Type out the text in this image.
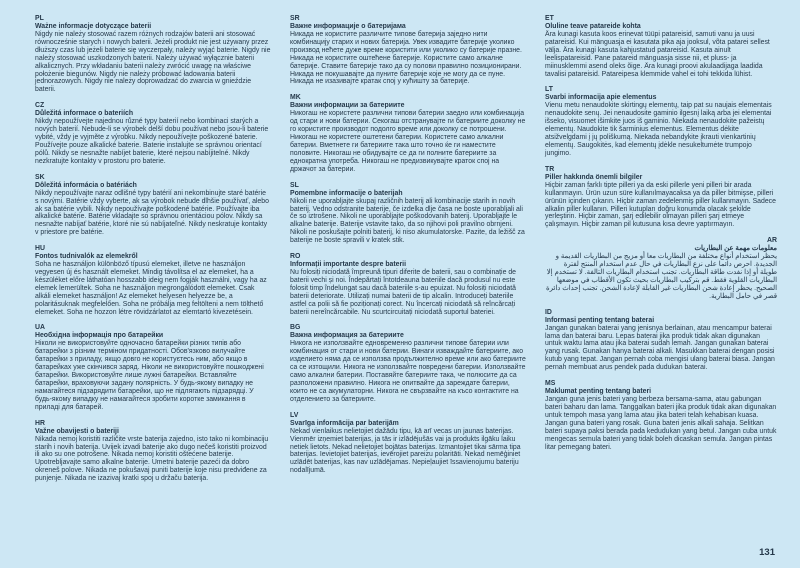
PL
Ważne informacje dotyczące baterii
Nigdy nie należy stosować razem różnych rodzajów baterii ani stosować równocześnie starych i nowych baterii. Jeżeli produkt nie jest używany przez dłuższy czas lub jeżeli baterie się wyczerpały, należy wyjąć baterie. Nigdy nie należy stosować uszkodzonych baterii. Należy używać wyłącznie baterii alkalicznych. Przy wkładaniu baterii należy zwrócić uwagę na właściwe położenie biegunów. Nigdy nie należy próbować ładowania baterii jednorazowych. Nigdy nie należy doprowadzać do zwarcia w gnieździe baterii.
CZ
Důležitá informace o bateriích
Nikdy nepoužívejte najednou různé typy baterií nebo kombinaci starých a nových baterií. Nebude-li se výrobek delší dobu používat nebo jsou-li baterie vybité, vždy je vyjměte z výrobku. Nikdy nepoužívejte poškozené baterie. Používejte pouze alkalické baterie. Baterie instalujte se správnou orientací pólů. Nikdy se nesnažte nabíjet baterie, které nejsou nabíjitelné. Nikdy nezkratujte kontakty v prostoru pro baterie.
SK
Dôležitá informácia o batériách
Nikdy nepoužívajte naraz odlišné typy batérií ani nekombinujte staré batérie s novými. Batérie vždy vyberte, ak sa výrobok nebude dlhšie používať, alebo ak sa batérie vybili. Nikdy nepoužívajte poškodené batérie. Používajte iba alkalické batérie. Batérie vkladajte so správnou orientáciou pólov. Nikdy sa nesnažte nabíjať batérie, ktoré nie sú nabíjateľné. Nikdy neskratuje kontakty v priestore pre batérie.
HU
Fontos tudnivalók az elemekről
Soha ne használjon különböző típusú elemeket, illetve ne használjon vegyesen új és használt elemeket. Mindig távolítsa el az elemeket, ha a készüléket előre láthatóan hosszabb ideig nem fogják használni, vagy ha az elemek lemerültek. Soha ne használjon megrongálódott elemeket. Csak alkáli elemeket használjon! Az elemeket helyesen helyezze be, a polaritásuknak megfelelően. Soha ne próbálja meg feltölteni a nem tölthető elemeket. Soha ne hozzon létre rövidzárlatot az elemtartó kivezetésein.
UA
Необхідна інформація про батарейки
Ніколи не використовуйте одночасно батарейки різних типів або батарейки з різним терміном придатності. Обов'язково вилучайте батарейки з приладу, якщо довго не користуєтесь ним, або якщо в батарейках уже скінчився заряд. Ніколи не використовуйте пошкоджені батарейки. Використовуйте лише лужні батарейки. Вставляйте батарейки, враховуючи задану полярність. У будь-якому випадку не намагайтеся підзарядити батарейки, що не підлягають підзарядці. У будь-якому випадку не намагайтеся зробити коротке замикання в приладі для батарей.
HR
Važne obavijesti o bateriji
Nikada nemoj koristiti različite vrste baterija zajedno, isto tako ni kombinaciju starih i novih baterija. Uvijek izvadi baterije ako dugo nečeš koristiti proizvod ili ako su one potrošene. Nikada nemoj koristiti oštećene baterije. Upotrebljavajte samo alkalne baterije. Umetni baterije pazeći da dobro okreneš polove. Nikada ne pokušavaj puniti baterije koje nisu predviđene za punjenje. Nikada ne izazivaj kratki spoj u držaču baterija.
SR
Важне информације о батеријама
Никада не користите различите типове батерија заједно нити комбинацију старих и нових батерија. Увек извадите батерије уколико производ нећете дуже време користити или уколико су батерије празне. Никада не користите оштећене батерије. Користите само алкалне батерије. Ставите батерије тако да су полови правилно позиционирани. Никада не покушавајте да пуните батерије које не могу да се пуне. Никада не изазивајте кратак спој у кућишту за батерије.
MK
Важни информации за батериите
Никогаш не користете различни типови батерии заедно или комбинација од стари и нови батерии. Секогаш отстранувајте ги батериите доколку не го користите производот подолго време или доколку се потрошени. Никогаш не користете оштетени батерии. Користете само алкални батерии. Вметнете ги батериите така што точно ќе ги наместите половите. Никогаш не обидувајте се да ги полните батериите за еднократна употреба. Никогаш не предизвикувајте краток спој на држачот за батерии.
SL
Pomembne informacije o baterijah
Nikoli ne uporabljajte skupaj različnih baterij ali kombinacije starih in novih baterij. Vedno odstranite baterije, če izdelka dlje časa ne boste uporabljali ali če so iztrošene. Nikoli ne uporabljajte poškodovanih baterij. Uporabljajte le alkalne baterije. Baterije vstavite tako, da so njihovi poli pravilno obrnjeni. Nikoli ne poskušajte polniti baterij, ki niso akumulatorske. Pazite, da ležišč za baterije ne boste spravili v kratek stik.
RO
Informații importante despre baterii
Nu folosiți niciodată împreună tipuri diferite de baterii, sau o combinație de baterii vechi și noi. Îndepărtați întotdeauna bateriile dacă produsul nu este folosit timp îndelungat sau dacă bateriile s-au epuizat. Nu folosiți niciodată baterii deteriorate. Utilizați numai baterii de tip alcalin. Introduceți bateriile astfel ca polii să fie poziționați corect. Nu încercați niciodată să reîncărcați baterii nereîncărcabile. Nu scurtcircuitați niciodată suportul bateriei.
BG
Важна информация за батериите
Никога не използвайте едновременно различни типове батерии или комбинация от стари и нови батерии. Винаги изваждайте батериите, ако изделието няма да се използва продължително време или ако батериите са се изтощили. Никога не използвайте повредени батерии. Използвайте само алкални батерии. Поставяйте батериите така, че полюсите да са разположени правилно. Никога не опитвайте да зареждате батерии, които не са акумулаторни. Никога не свързвайте на късо контактите на отделението за батериите.
LV
Svarīga informācija par baterijām
Nekad vienlaikus nelietojiet dažādu tipu, kā arī vecas un jaunas baterijas. Vienmēr izņemiet baterijas, ja tās ir izlādējušās vai ja produkts ilgāku laiku netiek lietots. Nekad nelietojiet bojātas baterijas. Izmantojiet tikai sārma tipa baterijas. Ievietojiet baterijas, ievērojiet pareizu polaritāti. Nekad nemēģiniet uzlādēt baterijas, kas nav uzlādējamas. Nepieļaujiet īssavienojumu bateriju nodalījumā.
ET
Oluline teave patareide kohta
Ära kunagi kasuta koos erinevat tüüpi patareisid, samuti vanu ja uusi patareisid. Kui mänguasja ei kasutata pika aja jooksul, võta patarei sellest välja. Ära kunagi kasuta kahjustatud patareisid. Kasuta ainult leelispatareisid. Pane patareid mänguasja sisse nii, et pluss- ja miinusklemmi asend oleks õige. Ära kunagi proovi akulaadijaga laadida tavalisi patareisid. Patareipesa klemmide vahel ei tohi tekkida lühist.
LT
Svarbi informacija apie elementus
Vienu metu nenaudokite skirtingų elementų, taip pat su naujais elementais nenaudokite senų. Jei nenaudosite gaminio ilgesnį laiką arba jei elementai išseko, visuomet išimkite juos iš gaminio. Niekada nenaudokite pažeistų elementų. Naudokite tik šarminius elementus. Elementus dėkite atsižvelgdami į jų poliškumą. Niekada nebandykite įkrauti vienkartinių elementų. Saugokitės, kad elementų įdėkle nesukeltumėte trumpojo jungimo.
TR
Piller hakkında önemli bilgiler
Hiçbir zaman farklı tipte pilleri ya da eski pillerle yeni pilleri bir arada kullanmayın. Ürün uzun süre kullanılmayacaksa ya da piller bitmişse, pilleri ürünün içinden çıkarın. Hiçbir zaman zedelenmiş piller kullanmayın. Sadece alkalin piller kullanın. Pilleri kutupları doğru konumda olacak şekilde yerleştirin. Hiçbir zaman, şarj edilebilir olmayan pilleri şarj etmeye çalışmayın. Hiçbir zaman pil kutusuna kısa devre yaptırmayın.
AR
معلومات مهمة عن البطاريات
يحظر استخدام أنواع مختلفة من البطاريات معا أو مزيج من البطاريات القديمة و الجديدة. احرص دائما على نزع البطاريات في حال عدم استخدام المنتج لفترة طويلة أو إذا نفدت طاقة البطاريات. تجنب استخدام البطاريات التالفة. لا تستخدم إلا البطاريات القلوية فقط. قم بتركيب البطاريات بحيث تكون الأقطاب في موضعها الصحيح. يحظر إعادة شحن البطاريات غير القابلة لإعادة الشحن. تجنب إحداث دائرة قصر في حامل البطارية.
ID
Informasi penting tentang baterai
Jangan gunakan baterai yang jenisnya berlainan, atau mencampur baterai lama dan baterai baru. Lepas baterai jika produk tidak akan digunakan untuk waktu lama atau jika baterai sudah lemah. Jangan gunakan baterai yang rusak. Gunakan hanya baterai alkali. Masukkan baterai dengan posisi kutub yang tepat. Jangan pernah coba mengisi ulang baterai biasa. Jangan pernah membuat arus pendek pada dudukan baterai.
MS
Maklumat penting tentang bateri
Jangan guna jenis bateri yang berbeza bersama-sama, atau gabungan bateri baharu dan lama. Tanggalkan bateri jika produk tidak akan digunakan untuk tempoh masa yang lama atau jika bateri telah kehabisan kuasa. Jangan guna bateri yang rosak. Guna bateri jenis alkali sahaja. Selitkan bateri supaya paksi berada pada kedudukan yang betul. Jangan cuba untuk mengecas semula bateri yang tidak boleh dicaskan semula. Jangan pintas litar pemegang bateri.
131
